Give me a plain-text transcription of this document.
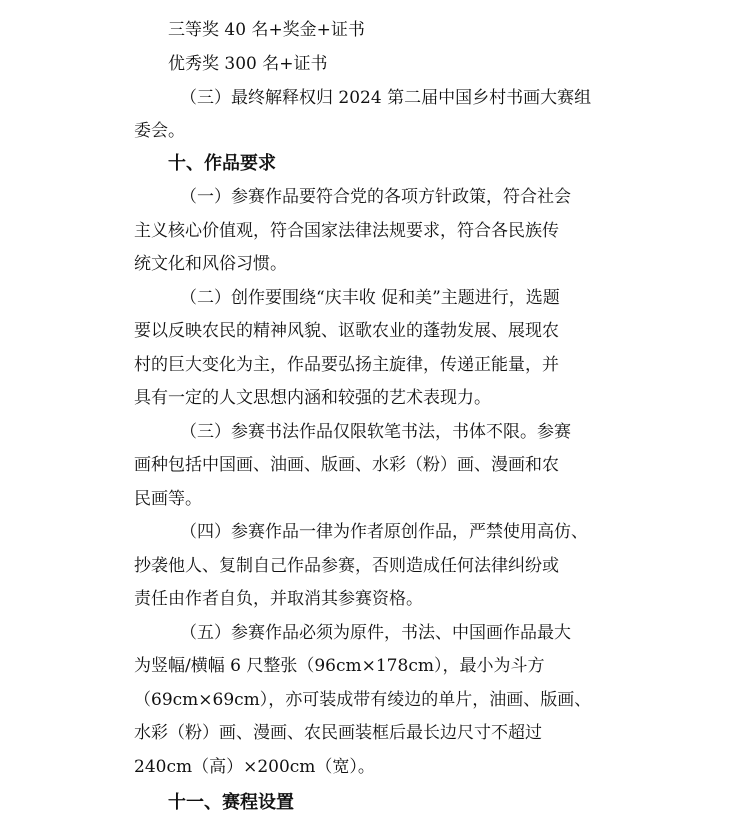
三等奖 40 名+奖金+证书
优秀奖 300 名+证书
（三）最终解释权归 2024 第二届中国乡村书画大赛组
委会。
十、作品要求
（一）参赛作品要符合党的各项方针政策，符合社会
主义核心价值观，符合国家法律法规要求，符合各民族传
统文化和风俗习惯。
（二）创作要围绕“庆丰收 促和美”主题进行，选题
要以反映农民的精神风貌、讴歌农业的蓬勃发展、展现农
村的巨大变化为主，作品要弘扬主旋律，传递正能量，并
具有一定的人文思想内涵和较强的艺术表现力。
（三）参赛书法作品仅限软笔书法，书体不限。参赛
画种包括中国画、油画、版画、水彩（粉）画、漫画和农
民画等。
（四）参赛作品一律为作者原创作品，严禁使用高仿、
抄袭他人、复制自己作品参赛，否则造成任何法律纠纷或
责任由作者自负，并取消其参赛资格。
（五）参赛作品必须为原件，书法、中国画作品最大
为竖幅/横幅 6 尺整张（96cm×178cm），最小为斗方
（69cm×69cm），亦可装成带有绫边的单片，油画、版画、
水彩（粉）画、漫画、农民画装框后最长边尺寸不超过
240cm（高）×200cm（宽）。
十一、赛程设置
